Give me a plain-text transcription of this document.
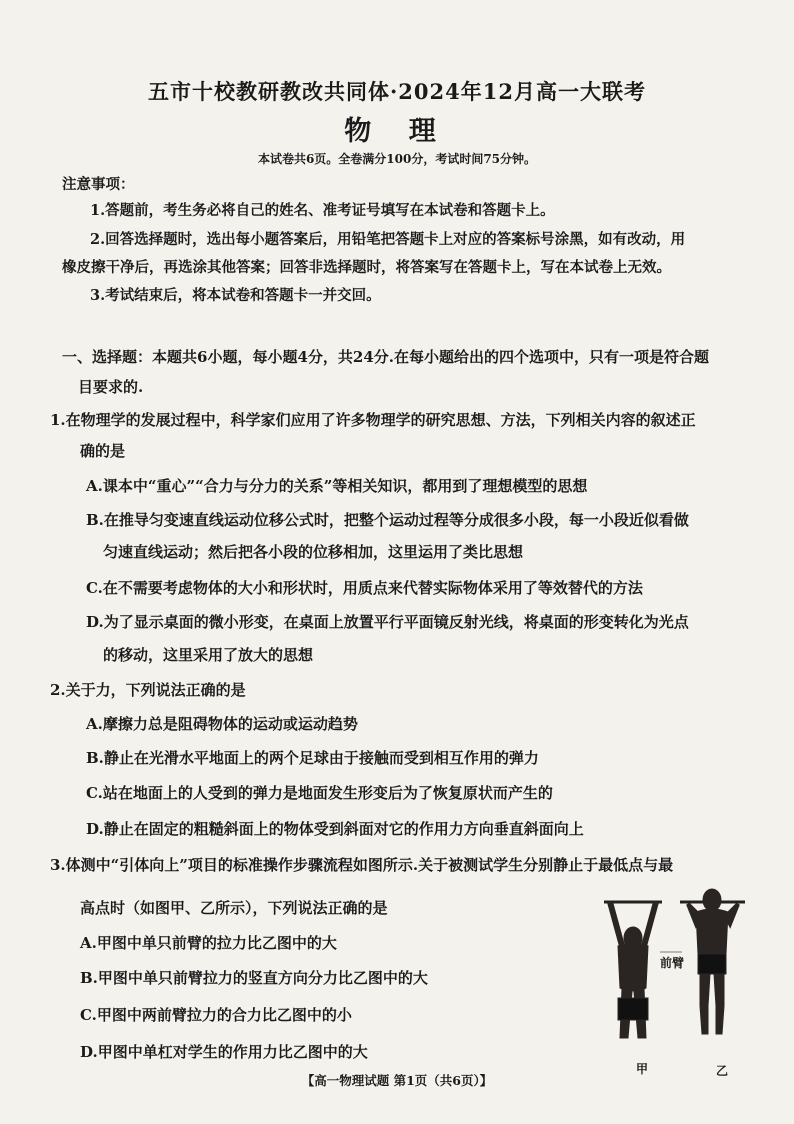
五市十校教研教改共同体·2024年12月高一大联考
物 理
本试卷共6页。全卷满分100分，考试时间75分钟。
注意事项：
1.答题前，考生务必将自己的姓名、准考证号填写在本试卷和答题卡上。
2.回答选择题时，选出每小题答案后，用铅笔把答题卡上对应的答案标号涂黑，如有改动，用
橡皮擦干净后，再选涂其他答案；回答非选择题时，将答案写在答题卡上，写在本试卷上无效。
3.考试结束后，将本试卷和答题卡一并交回。
一、选择题：本题共6小题，每小题4分，共24分.在每小题给出的四个选项中，只有一项是符合题
目要求的.
1.在物理学的发展过程中，科学家们应用了许多物理学的研究思想、方法，下列相关内容的叙述正
确的是
A.课本中“重心”“合力与分力的关系”等相关知识，都用到了理想模型的思想
B.在推导匀变速直线运动位移公式时，把整个运动过程等分成很多小段，每一小段近似看做
匀速直线运动；然后把各小段的位移相加，这里运用了类比思想
C.在不需要考虑物体的大小和形状时，用质点来代替实际物体采用了等效替代的方法
D.为了显示桌面的微小形变，在桌面上放置平行平面镜反射光线，将桌面的形变转化为光点
的移动，这里采用了放大的思想
2.关于力，下列说法正确的是
A.摩擦力总是阻碍物体的运动或运动趋势
B.静止在光滑水平地面上的两个足球由于接触而受到相互作用的弹力
C.站在地面上的人受到的弹力是地面发生形变后为了恢复原状而产生的
D.静止在固定的粗糙斜面上的物体受到斜面对它的作用力方向垂直斜面向上
3.体测中“引体向上”项目的标准操作步骤流程如图所示.关于被测试学生分别静止于最低点与最
高点时（如图甲、乙所示），下列说法正确的是
A.甲图中单只前臂的拉力比乙图中的大
B.甲图中单只前臂拉力的竖直方向分力比乙图中的大
C.甲图中两前臂拉力的合力比乙图中的小
D.甲图中单杠对学生的作用力比乙图中的大
前臂
甲	乙
【高一物理试题 第1页（共6页）】
